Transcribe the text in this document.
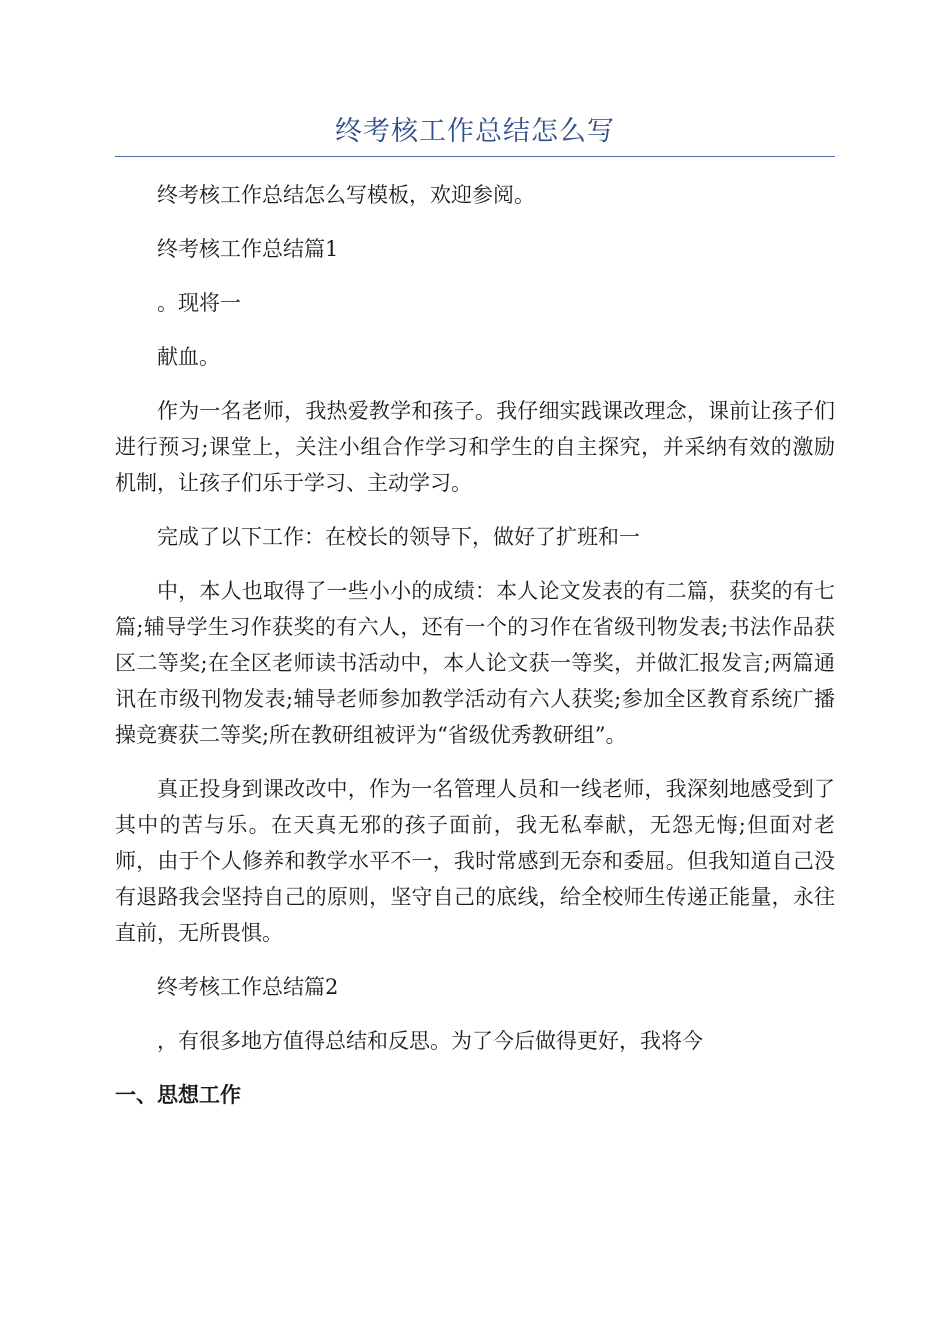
终考核工作总结怎么写

终考核工作总结怎么写模板，欢迎参阅。

终考核工作总结篇1

。现将一

献血。

作为一名老师，我热爱教学和孩子。我仔细实践课改理念，课前让孩子们进行预习;课堂上，关注小组合作学习和学生的自主探究，并采纳有效的激励机制，让孩子们乐于学习、主动学习。

完成了以下工作：在校长的领导下，做好了扩班和一

中，本人也取得了一些小小的成绩：本人论文发表的有二篇，获奖的有七篇;辅导学生习作获奖的有六人，还有一个的习作在省级刊物发表;书法作品获区二等奖;在全区老师读书活动中，本人论文获一等奖，并做汇报发言;两篇通讯在市级刊物发表;辅导老师参加教学活动有六人获奖;参加全区教育系统广播操竞赛获二等奖;所在教研组被评为“省级优秀教研组”。

真正投身到课改改中，作为一名管理人员和一线老师，我深刻地感受到了其中的苦与乐。在天真无邪的孩子面前，我无私奉献，无怨无悔;但面对老师，由于个人修养和教学水平不一，我时常感到无奈和委屈。但我知道自己没有退路我会坚持自己的原则，坚守自己的底线，给全校师生传递正能量，永往直前，无所畏惧。

终考核工作总结篇2

，有很多地方值得总结和反思。为了今后做得更好，我将今

一、思想工作
